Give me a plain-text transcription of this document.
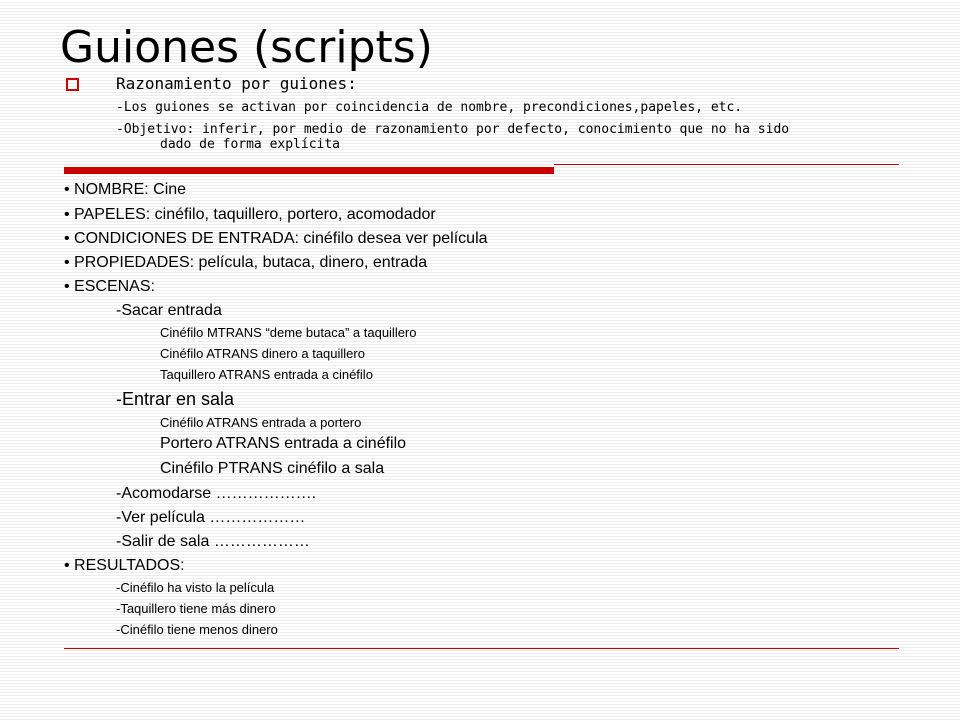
Guiones (scripts)
Razonamiento por guiones:
-Los guiones se activan por coincidencia de nombre, precondiciones,papeles, etc.
-Objetivo: inferir, por medio de razonamiento por defecto, conocimiento que no ha sido
dado de forma explícita
• NOMBRE: Cine
• PAPELES: cinéfilo, taquillero, portero, acomodador
• CONDICIONES DE ENTRADA: cinéfilo desea ver película
• PROPIEDADES: película, butaca, dinero, entrada
• ESCENAS:
-Sacar entrada
Cinéfilo MTRANS “deme butaca” a taquillero
Cinéfilo ATRANS dinero a taquillero
Taquillero ATRANS entrada a cinéfilo
-Entrar en sala
Cinéfilo ATRANS entrada a portero
Portero ATRANS entrada a cinéfilo
Cinéfilo PTRANS cinéfilo a sala
-Acomodarse ……………….
-Ver película ………………
-Salir de sala ………………
• RESULTADOS:
-Cinéfilo ha visto la película
-Taquillero tiene más dinero
-Cinéfilo tiene menos dinero
